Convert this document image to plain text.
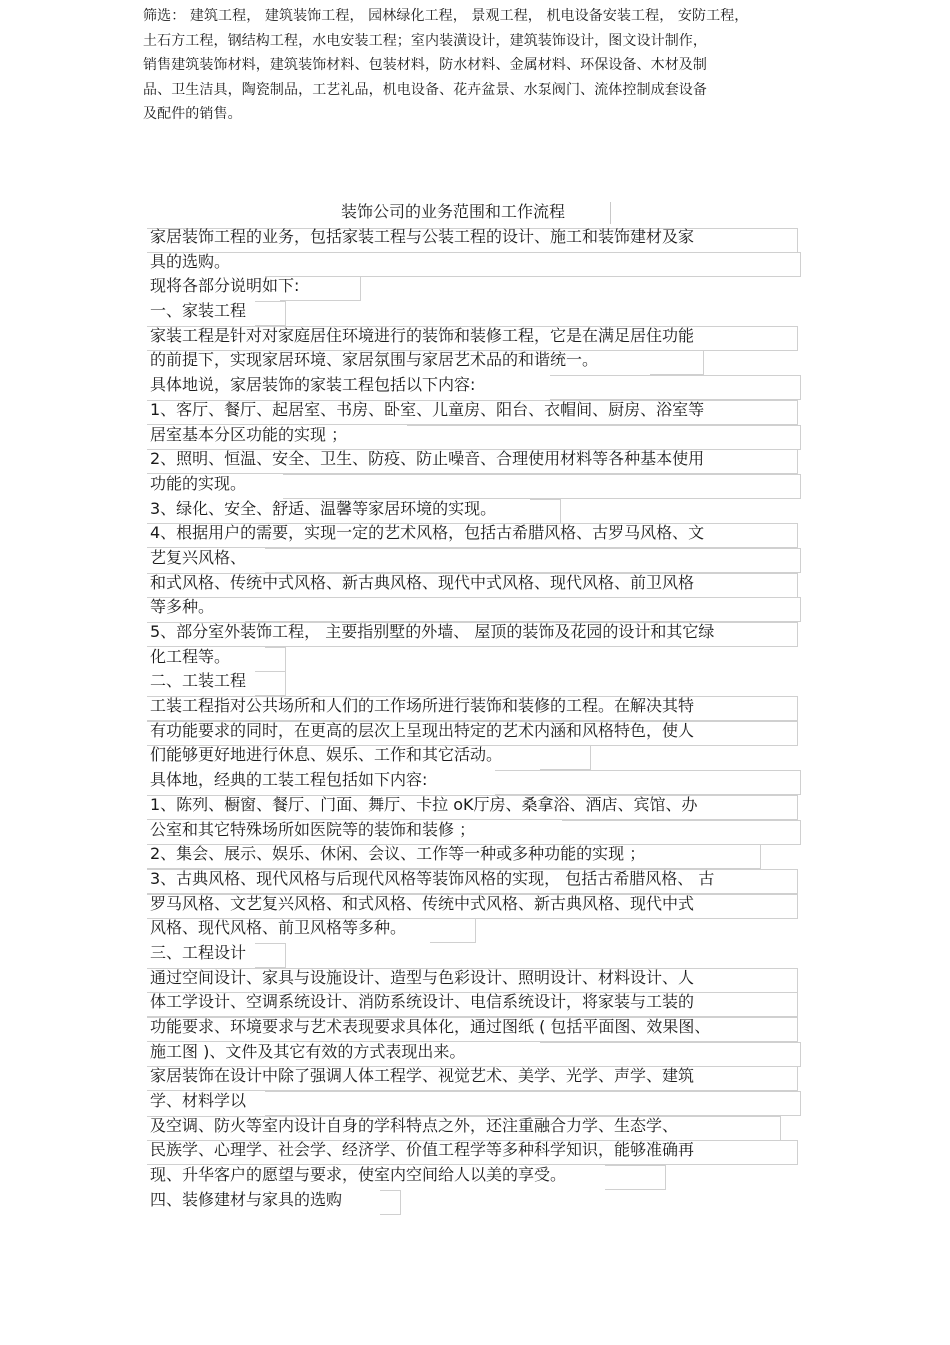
筛选： 建筑工程， 建筑装饰工程， 园林绿化工程， 景观工程， 机电设备安装工程， 安防工程，
土石方工程，钢结构工程，水电安装工程；室内装潢设计，建筑装饰设计，图文设计制作，
销售建筑装饰材料，建筑装饰材料、包装材料，防水材料、金属材料、环保设备、木材及制
品、卫生洁具，陶瓷制品，工艺礼品，机电设备、花卉盆景、水泵阀门、流体控制成套设备
及配件的销售。
装饰公司的业务范围和工作流程
家居装饰工程的业务，包括家装工程与公装工程的设计、施工和装饰建材及家
具的选购。
现将各部分说明如下:
一、家装工程
家装工程是针对对家庭居住环境进行的装饰和装修工程，它是在满足居住功能
的前提下，实现家居环境、家居氛围与家居艺术品的和谐统一。
具体地说，家居装饰的家装工程包括以下内容:
1、客厅、餐厅、起居室、书房、卧室、儿童房、阳台、衣帽间、厨房、浴室等
居室基本分区功能的实现 ；
2、照明、恒温、安全、卫生、防疫、防止噪音、合理使用材料等各种基本使用
功能的实现。
3、绿化、安全、舒适、温馨等家居环境的实现。
4、根据用户的需要，实现一定的艺术风格，包括古希腊风格、古罗马风格、文
艺复兴风格、
和式风格、传统中式风格、新古典风格、现代中式风格、现代风格、前卫风格
等多种。
5、部分室外装饰工程， 主要指别墅的外墙、 屋顶的装饰及花园的设计和其它绿
化工程等。
二、工装工程
工装工程指对公共场所和人们的工作场所进行装饰和装修的工程。在解决其特
有功能要求的同时，在更高的层次上呈现出特定的艺术内涵和风格特色，使人
们能够更好地进行休息、娱乐、工作和其它活动。
具体地，经典的工装工程包括如下内容:
1、陈列、橱窗、餐厅、门面、舞厅、卡拉 oK厅房、桑拿浴、酒店、宾馆、办
公室和其它特殊场所如医院等的装饰和装修 ；
2、集会、展示、娱乐、休闲、会议、工作等一种或多种功能的实现 ；
3、古典风格、现代风格与后现代风格等装饰风格的实现， 包括古希腊风格、 古
罗马风格、文艺复兴风格、和式风格、传统中式风格、新古典风格、现代中式
风格、现代风格、前卫风格等多种。
三、工程设计
通过空间设计、家具与设施设计、造型与色彩设计、照明设计、材料设计、人
体工学设计、空调系统设计、消防系统设计、电信系统设计，将家装与工装的
功能要求、环境要求与艺术表现要求具体化，通过图纸 ( 包括平面图、效果图、
施工图 )、文件及其它有效的方式表现出来。
家居装饰在设计中除了强调人体工程学、视觉艺术、美学、光学、声学、建筑
学、材料学以
及空调、防火等室内设计自身的学科特点之外，还注重融合力学、生态学、
民族学、心理学、社会学、经济学、价值工程学等多种科学知识，能够准确再
现、升华客户的愿望与要求，使室内空间给人以美的享受。
四、装修建材与家具的选购
